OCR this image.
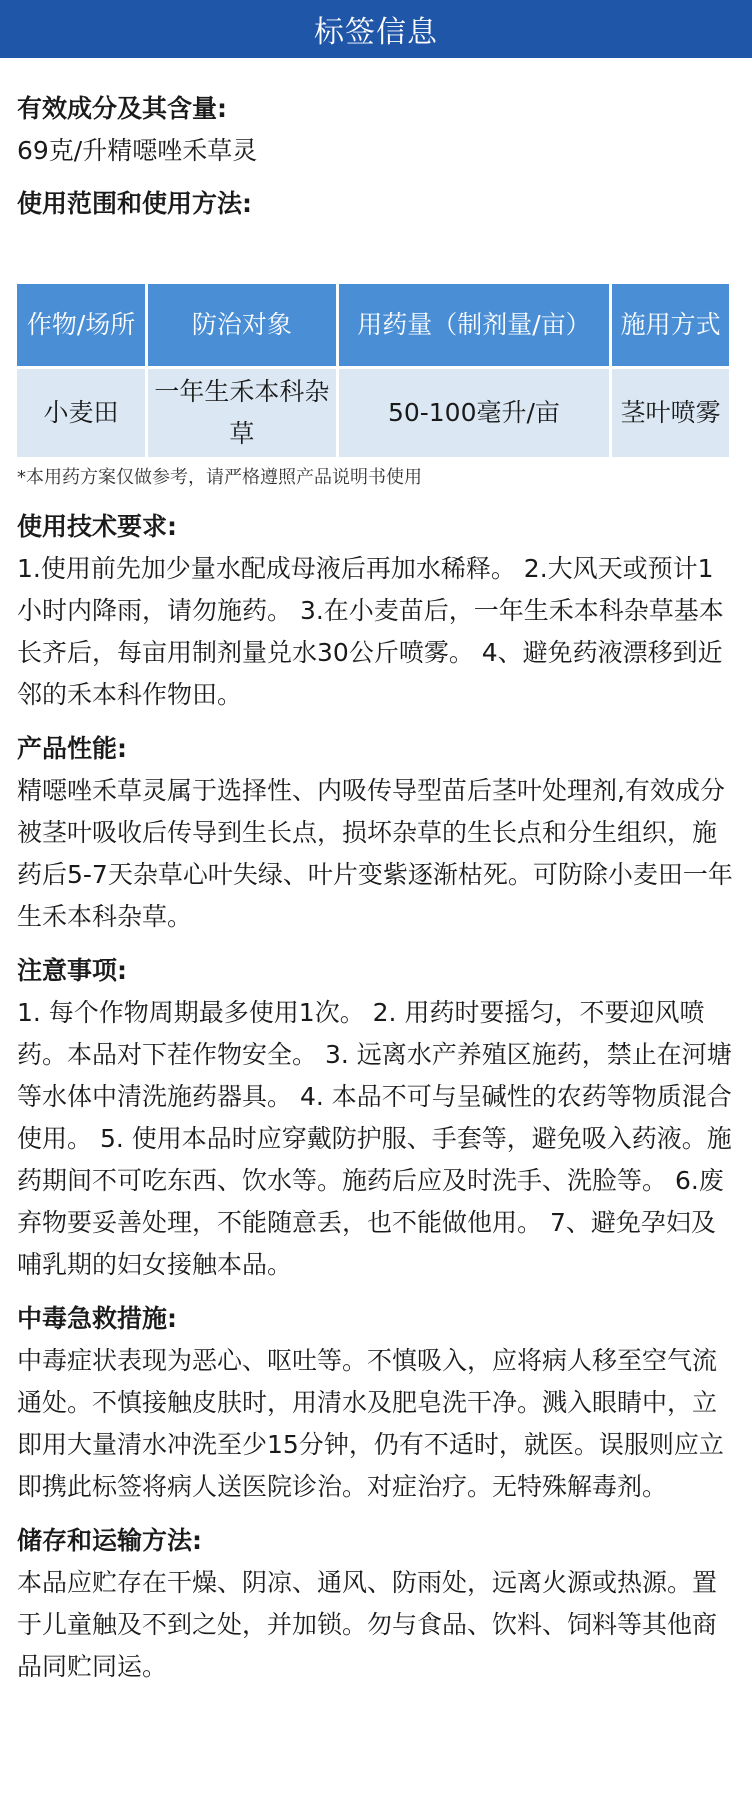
标签信息
有效成分及其含量:

69克/升精噁唑禾草灵

使用范围和使用方法:
作物/场所	防治对象	用药量（制剂量/亩）	施用方式
小麦田	一年生禾本科杂草	50-100毫升/亩	茎叶喷雾

*本用药方案仅做参考，请严格遵照产品说明书使用

使用技术要求:

1.使用前先加少量水配成母液后再加水稀释。 2.大风天或预计1小时内降雨，请勿施药。 3.在小麦苗后，一年生禾本科杂草基本长齐后，每亩用制剂量兑水30公斤喷雾。 4、避免药液漂移到近邻的禾本科作物田。

产品性能:

精噁唑禾草灵属于选择性、内吸传导型苗后茎叶处理剂,有效成分被茎叶吸收后传导到生长点，损坏杂草的生长点和分生组织，施药后5-7天杂草心叶失绿、叶片变紫逐渐枯死。可防除小麦田一年生禾本科杂草。

注意事项:

1. 每个作物周期最多使用1次。 2. 用药时要摇匀，不要迎风喷药。本品对下茬作物安全。 3. 远离水产养殖区施药，禁止在河塘等水体中清洗施药器具。 4. 本品不可与呈碱性的农药等物质混合使用。 5. 使用本品时应穿戴防护服、手套等，避免吸入药液。施药期间不可吃东西、饮水等。施药后应及时洗手、洗脸等。 6.废弃物要妥善处理，不能随意丢，也不能做他用。 7、避免孕妇及哺乳期的妇女接触本品。

中毒急救措施:

中毒症状表现为恶心、呕吐等。不慎吸入，应将病人移至空气流通处。不慎接触皮肤时，用清水及肥皂洗干净。溅入眼睛中，立即用大量清水冲洗至少15分钟，仍有不适时，就医。误服则应立即携此标签将病人送医院诊治。对症治疗。无特殊解毒剂。

储存和运输方法:

本品应贮存在干燥、阴凉、通风、防雨处，远离火源或热源。置于儿童触及不到之处，并加锁。勿与食品、饮料、饲料等其他商品同贮同运。
